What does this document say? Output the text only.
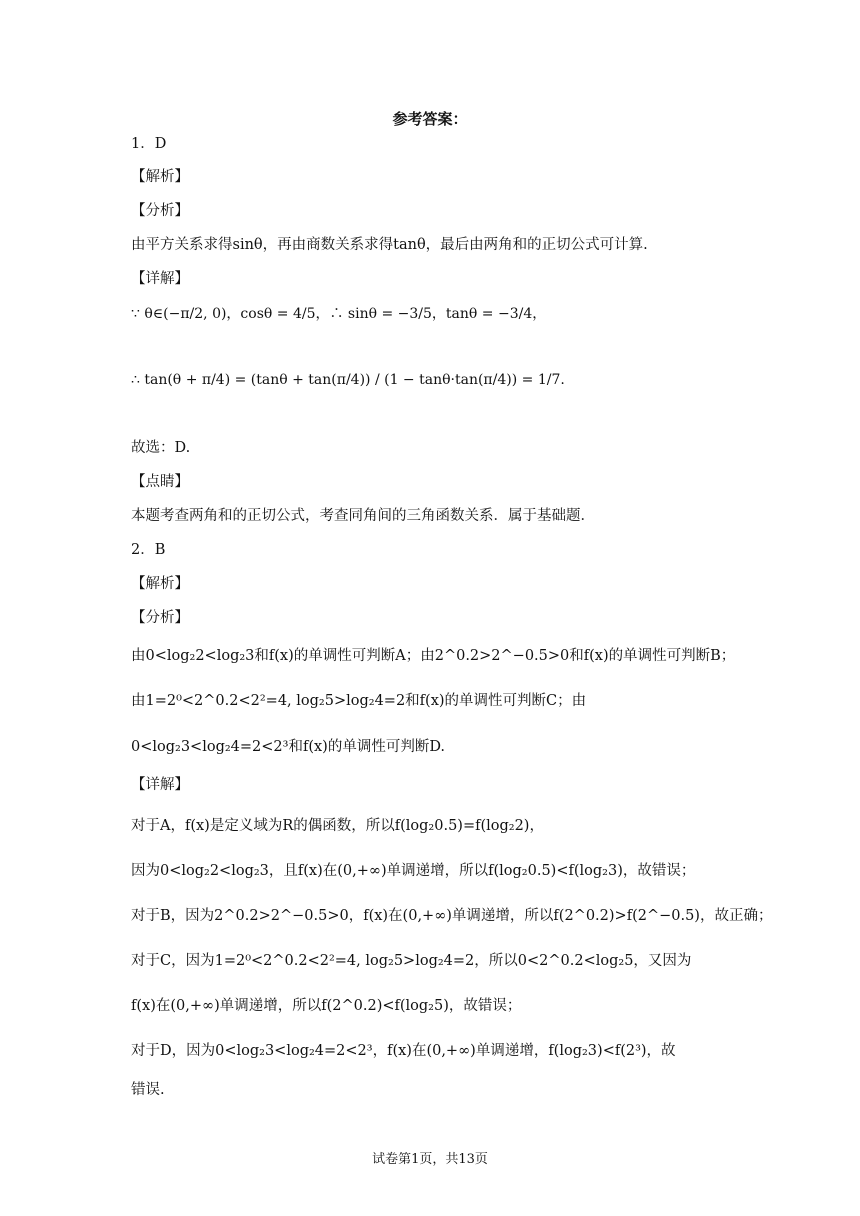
参考答案：
1．D
【解析】
【分析】
由平方关系求得sinθ，再由商数关系求得tanθ，最后由两角和的正切公式可计算.
【详解】
∵ θ∈(−π/2, 0)，cosθ = 4/5，∴ sinθ = −3/5，tanθ = −3/4，
∴ tan(θ + π/4) = (tanθ + tan(π/4)) / (1 − tanθ·tan(π/4)) = 1/7.
故选：D.
【点睛】
本题考查两角和的正切公式，考查同角间的三角函数关系．属于基础题．
2．B
【解析】
【分析】
由0<log₂2<log₂3和f(x)的单调性可判断A；由2^0.2>2^−0.5>0和f(x)的单调性可判断B；
由1=2⁰<2^0.2<2²=4, log₂5>log₂4=2和f(x)的单调性可判断C；由
0<log₂3<log₂4=2<2³和f(x)的单调性可判断D.
【详解】
对于A，f(x)是定义域为R的偶函数，所以f(log₂0.5)=f(log₂2)，
因为0<log₂2<log₂3，且f(x)在(0,+∞)单调递增，所以f(log₂0.5)<f(log₂3)，故错误；
对于B，因为2^0.2>2^−0.5>0，f(x)在(0,+∞)单调递增，所以f(2^0.2)>f(2^−0.5)，故正确；
对于C，因为1=2⁰<2^0.2<2²=4, log₂5>log₂4=2，所以0<2^0.2<log₂5，又因为
f(x)在(0,+∞)单调递增，所以f(2^0.2)<f(log₂5)，故错误；
对于D，因为0<log₂3<log₂4=2<2³，f(x)在(0,+∞)单调递增，f(log₂3)<f(2³)，故
错误.
试卷第1页，共13页
